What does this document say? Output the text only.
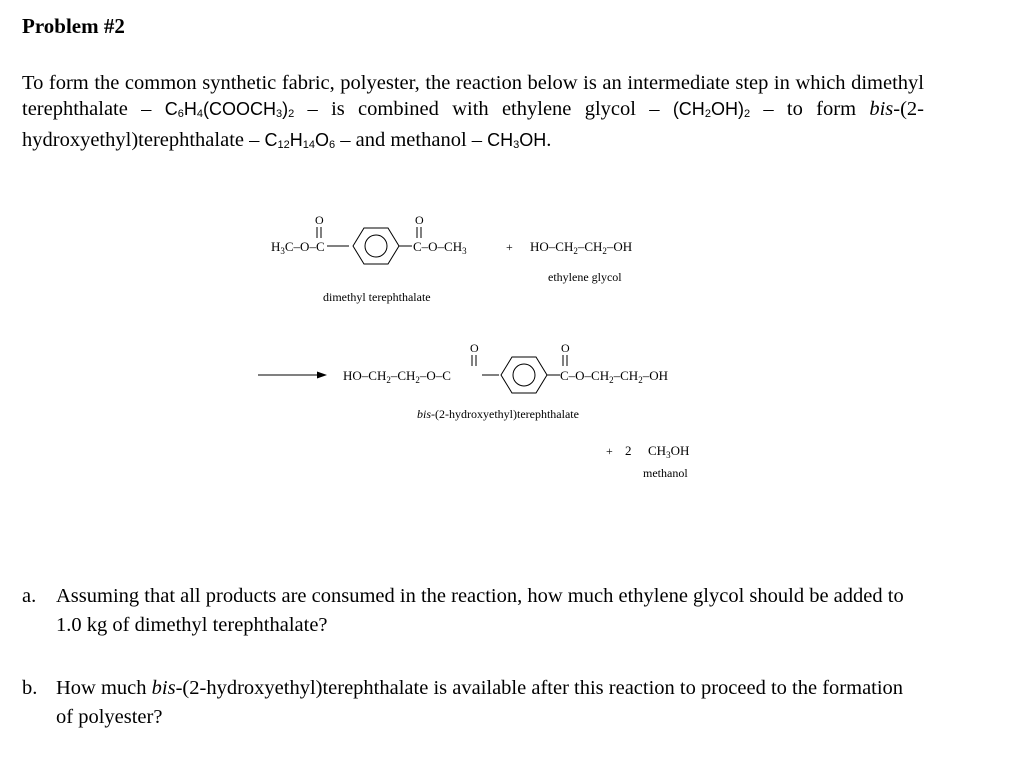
Problem #2
To form the common synthetic fabric, polyester, the reaction below is an intermediate step in which dimethyl terephthalate – $C_6H_4(COOCH_3)_2$ – is combined with ethylene glycol – $(CH_2OH)_2$ – to form bis-(2-hydroxyethyl)terephthalate – $C_{12}H_{14}O_6$ – and methanol – $CH_3OH$.
$H_3C-O-C$
O	O
$C-O-CH_3$
dimethyl terephthalate
+ $HO-CH_2-CH_2-OH$
ethylene glycol
$HO-CH_2-CH_2-O-C$
O	O
$C-O-CH_2-CH_2-OH$
bis-(2-hydroxyethyl)terephthalate
+ 2 $CH_3OH$
methanol
a. Assuming that all products are consumed in the reaction, how much ethylene glycol should be added to 1.0 kg of dimethyl terephthalate?
b. How much bis-(2-hydroxyethyl)terephthalate is available after this reaction to proceed to the formation of polyester?
